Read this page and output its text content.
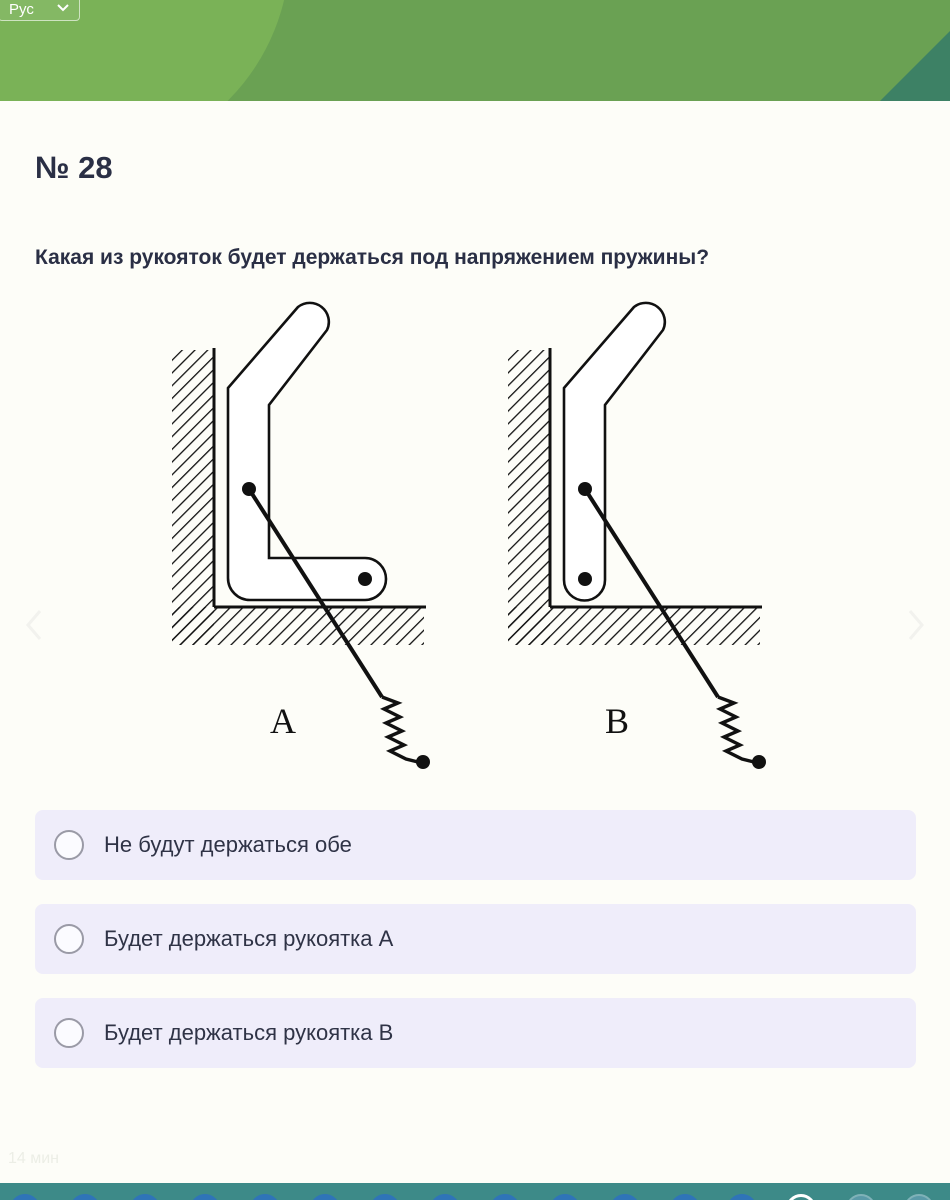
Рус
№ 28
Какая из рукояток будет держаться под напряжением пружины?
A	B
Не будут держаться обе
Будет держаться рукоятка A
Будет держаться рукоятка B
14 мин
